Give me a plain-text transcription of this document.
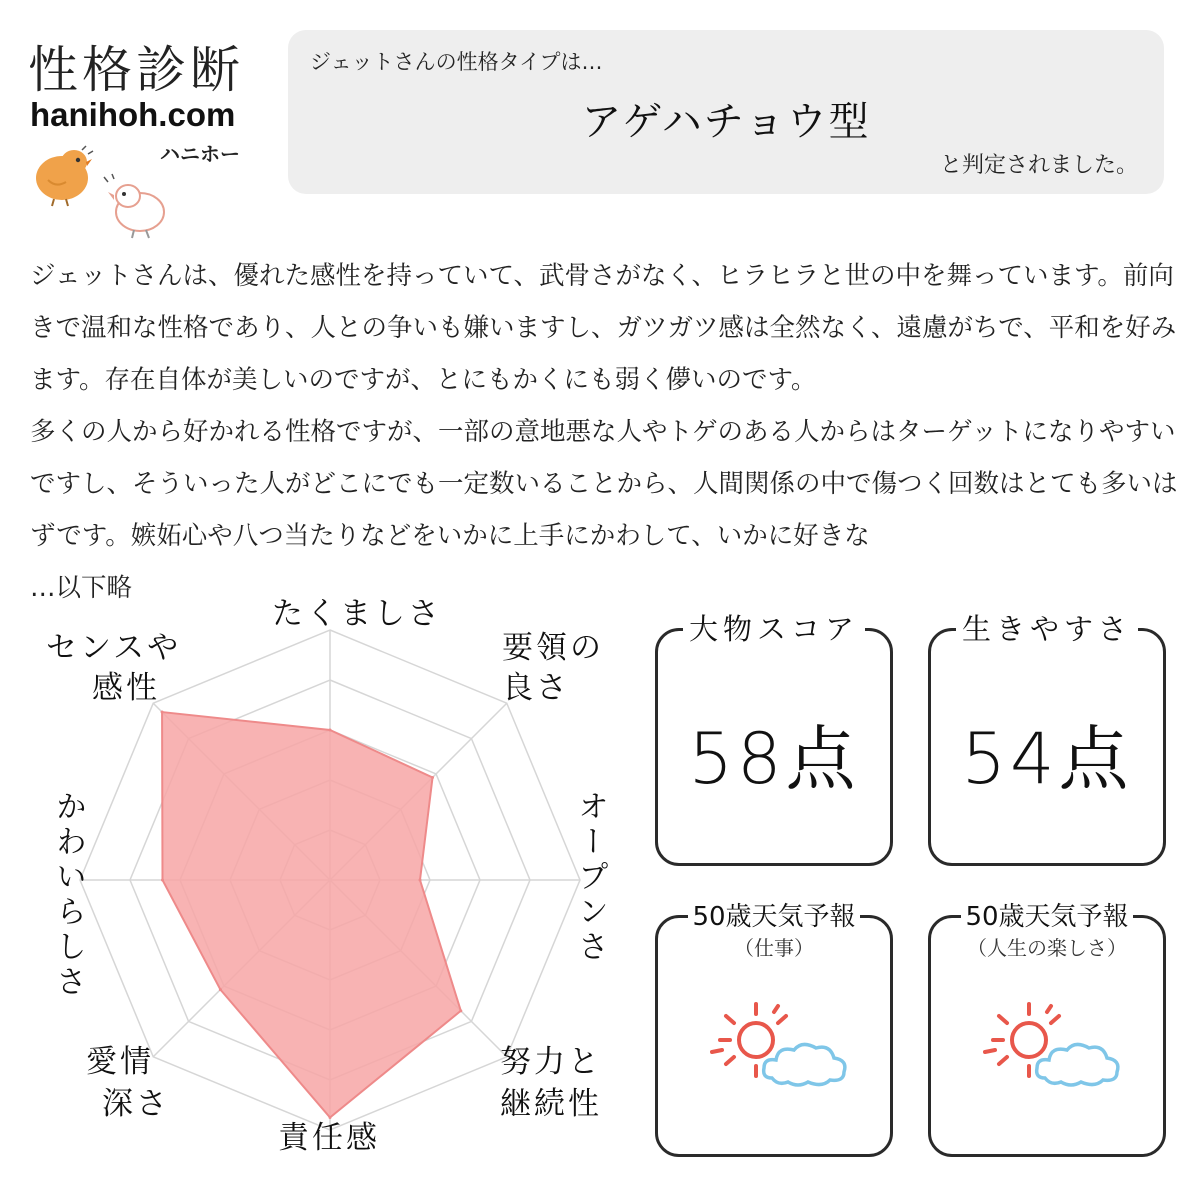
性格診断
hanihoh.com
ハニホー
ジェットさんの性格タイプは…
アゲハチョウ型
と判定されました。

ジェットさんは、優れた感性を持っていて、武骨さがなく、ヒラヒラと世の中を舞っています。前向きで温和な性格であり、人との争いも嫌いますし、ガツガツ感は全然なく、遠慮がちで、平和を好みます。存在自体が美しいのですが、とにもかくにも弱く儚いのです。

多くの人から好かれる性格ですが、一部の意地悪な人やトゲのある人からはターゲットになりやすいですし、そういった人がどこにでも一定数いることから、人間関係の中で傷つく回数はとても多いはずです。嫉妬心や八つ当たりなどをいかに上手にかわして、いかに好きな

…以下略

たくましさ
要領の
良さ
オープンさ
努力と
継続性
責任感
愛情
深さ
かわいらしさ
センスや
感性
大物スコア
58点
生きやすさ
54点
50歳天気予報
（仕事）
50歳天気予報
（人生の楽しさ）
